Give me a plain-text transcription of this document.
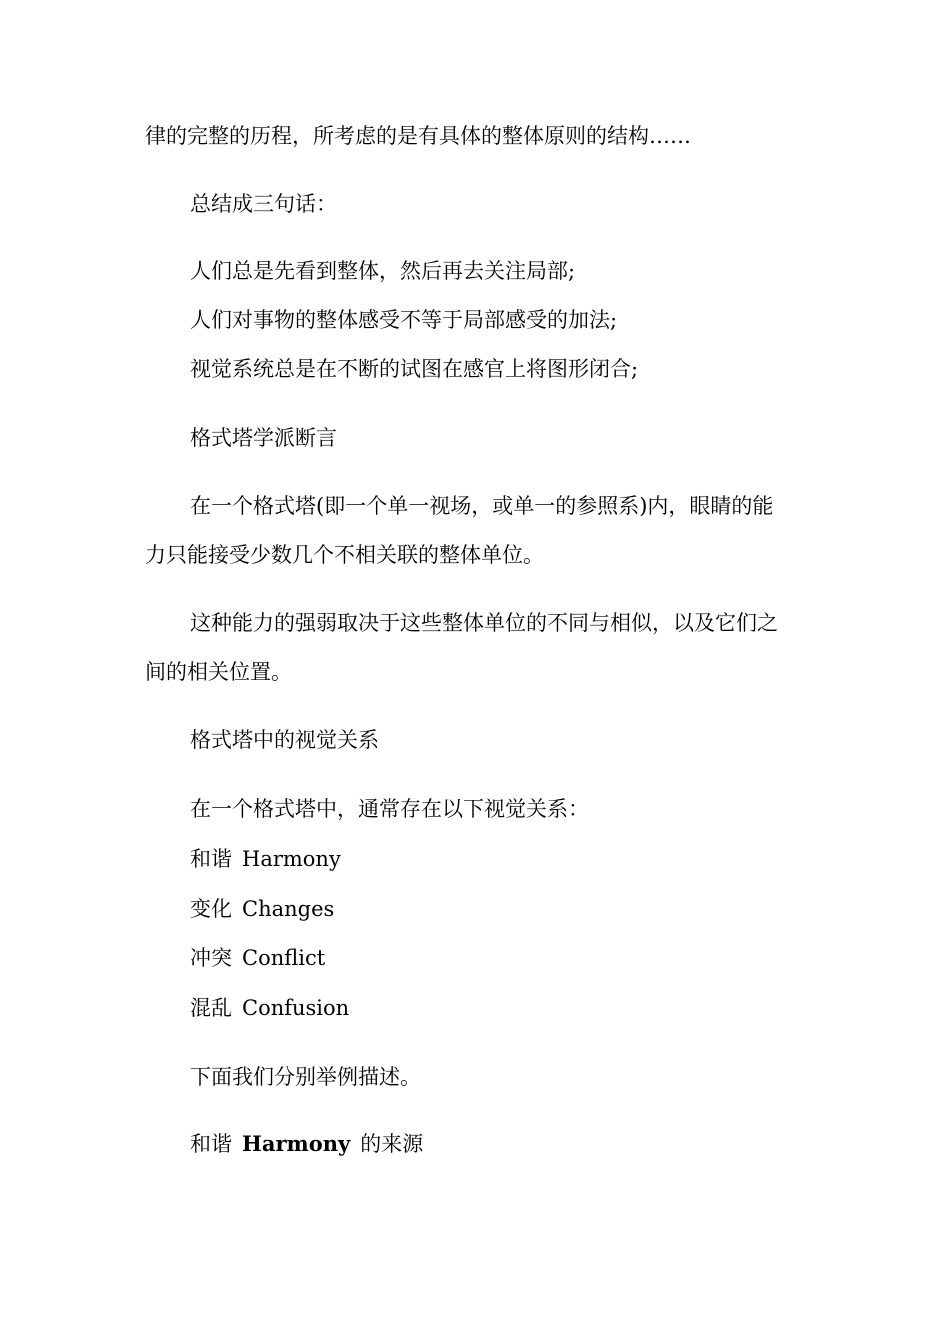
律的完整的历程，所考虑的是有具体的整体原则的结构……
总结成三句话：
人们总是先看到整体，然后再去关注局部;
人们对事物的整体感受不等于局部感受的加法;
视觉系统总是在不断的试图在感官上将图形闭合;
格式塔学派断言
在一个格式塔(即一个单一视场，或单一的参照系)内，眼睛的能
力只能接受少数几个不相关联的整体单位。
这种能力的强弱取决于这些整体单位的不同与相似，以及它们之
间的相关位置。
格式塔中的视觉关系
在一个格式塔中，通常存在以下视觉关系：
和谐 Harmony
变化 Changes
冲突 Conflict
混乱 Confusion
下面我们分别举例描述。
和谐 Harmony 的来源
